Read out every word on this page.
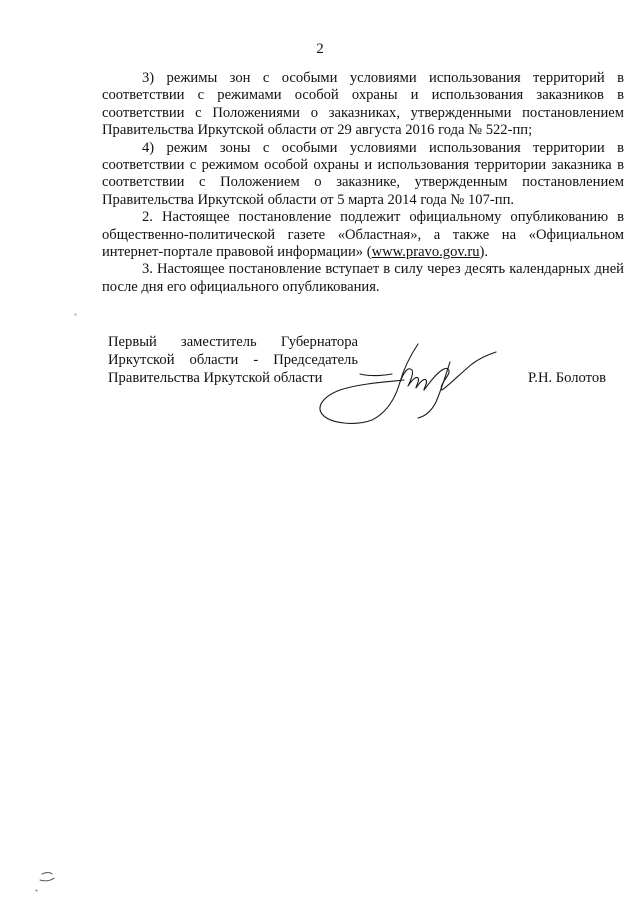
2

3) режимы зон с особыми условиями использования территорий в соответствии с режимами особой охраны и использования заказников в соответствии с Положениями о заказниках, утвержденными постановлением Правительства Иркутской области от 29 августа 2016 года № 522-пп;

4) режим зоны с особыми условиями использования территории в соответствии с режимом особой охраны и использования территории заказника в соответствии с Положением о заказнике, утвержденным постановлением Правительства Иркутской области от 5 марта 2014 года № 107-пп.

2. Настоящее постановление подлежит официальному опубликованию в общественно-политической газете «Областная», а также на «Официальном интернет-портале правовой информации» (www.pravo.gov.ru).

3. Настоящее постановление вступает в силу через десять календарных дней после дня его официального опубликования.

Первый заместитель Губернатора
Иркутской области - Председатель
Правительства Иркутской области	Р.Н. Болотов
